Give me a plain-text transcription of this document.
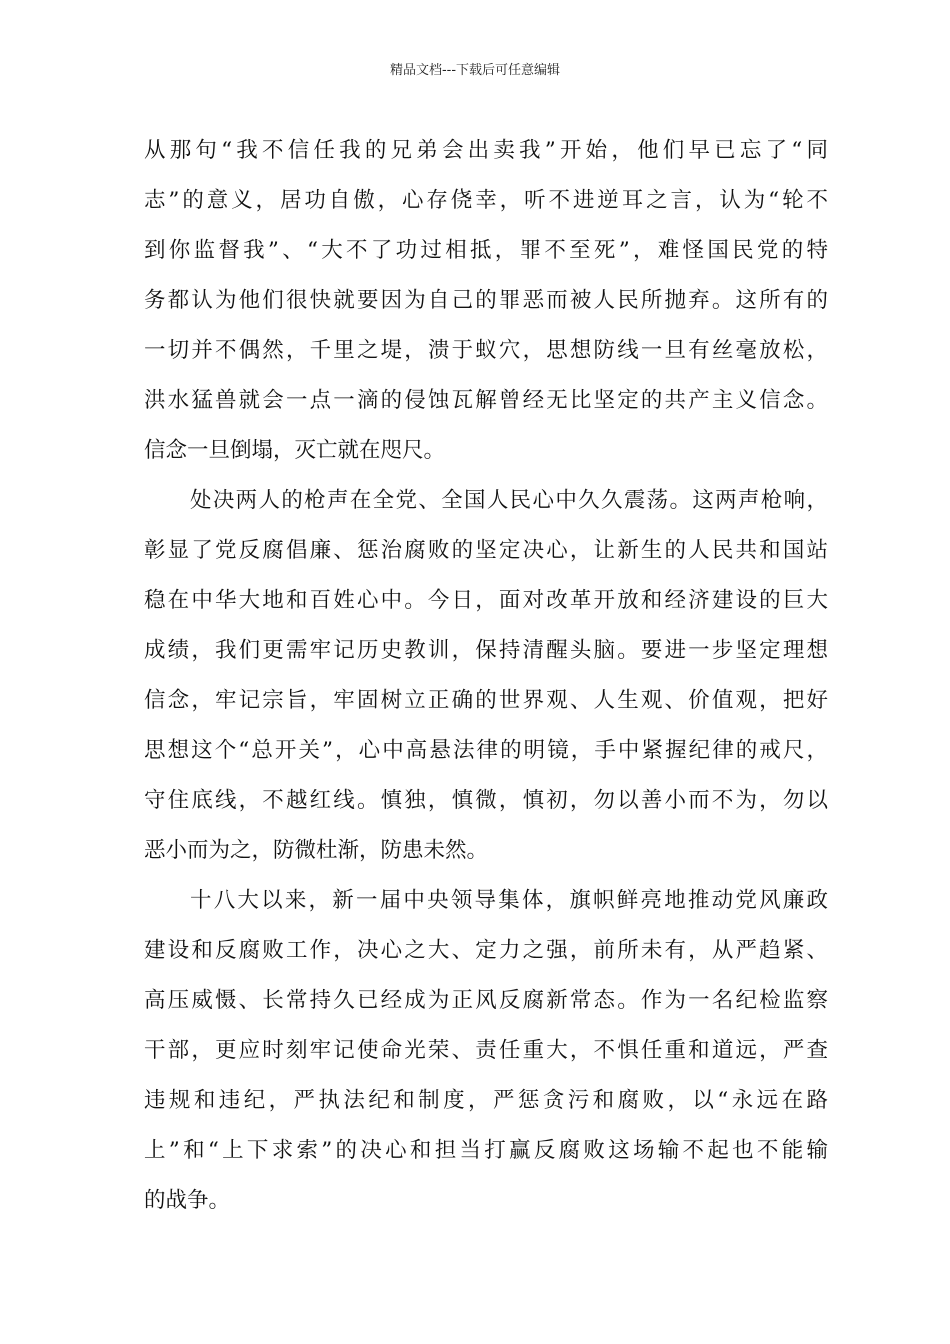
精品文档---下载后可任意编辑
从那句“我不信任我的兄弟会出卖我”开始，他们早已忘了“同
志”的意义，居功自傲，心存侥幸，听不进逆耳之言，认为“轮不
到你监督我”、“大不了功过相抵，罪不至死”，难怪国民党的特
务都认为他们很快就要因为自己的罪恶而被人民所抛弃。这所有的
一切并不偶然，千里之堤，溃于蚁穴，思想防线一旦有丝毫放松，
洪水猛兽就会一点一滴的侵蚀瓦解曾经无比坚定的共产主义信念。
信念一旦倒塌，灭亡就在咫尺。
处决两人的枪声在全党、全国人民心中久久震荡。这两声枪响，
彰显了党反腐倡廉、惩治腐败的坚定决心，让新生的人民共和国站
稳在中华大地和百姓心中。今日，面对改革开放和经济建设的巨大
成绩，我们更需牢记历史教训，保持清醒头脑。要进一步坚定理想
信念，牢记宗旨，牢固树立正确的世界观、人生观、价值观，把好
思想这个“总开关”，心中高悬法律的明镜，手中紧握纪律的戒尺，
守住底线，不越红线。慎独，慎微，慎初，勿以善小而不为，勿以
恶小而为之，防微杜渐，防患未然。
十八大以来，新一届中央领导集体，旗帜鲜亮地推动党风廉政
建设和反腐败工作，决心之大、定力之强，前所未有，从严趋紧、
高压威慑、长常持久已经成为正风反腐新常态。作为一名纪检监察
干部，更应时刻牢记使命光荣、责任重大，不惧任重和道远，严查
违规和违纪，严执法纪和制度，严惩贪污和腐败，以“永远在路
上”和“上下求索”的决心和担当打赢反腐败这场输不起也不能输
的战争。
